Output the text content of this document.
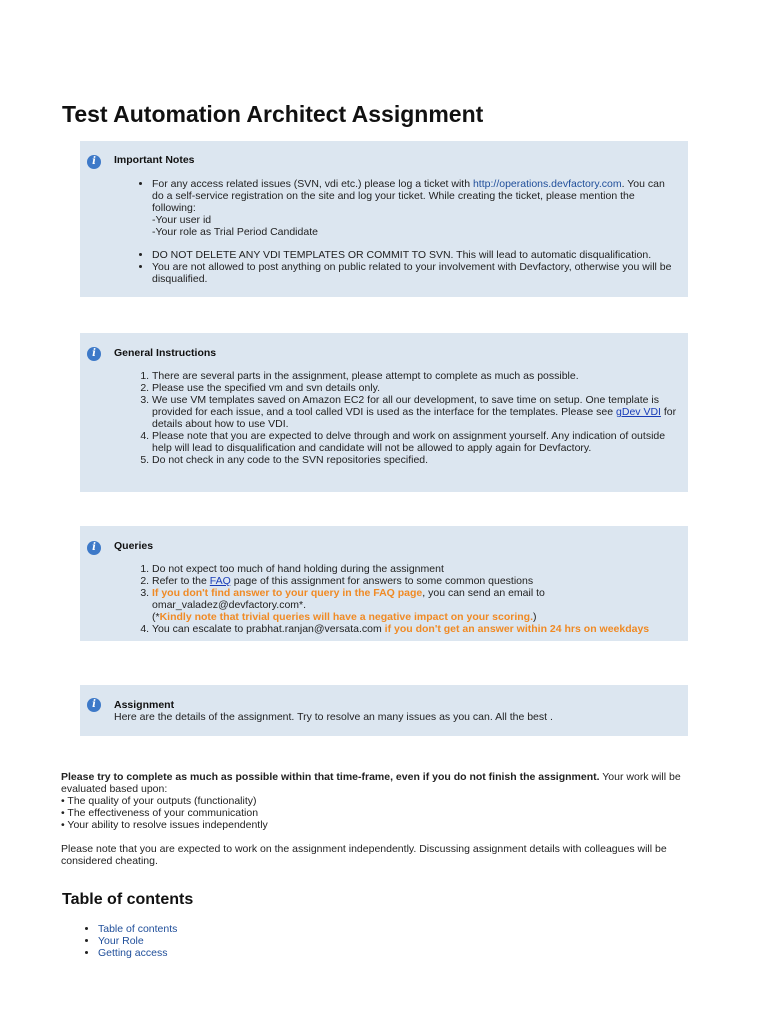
Test Automation Architect Assignment
i	Important Notes
• For any access related issues (SVN, vdi etc.) please log a ticket with http://operations.devfactory.com. You can do a self-service registration on the site and log your ticket. While creating the ticket, please mention the following:
-Your user id
-Your role as Trial Period Candidate
• DO NOT DELETE ANY VDI TEMPLATES OR COMMIT TO SVN. This will lead to automatic disqualification.
• You are not allowed to post anything on public related to your involvement with Devfactory, otherwise you will be disqualified.
i	General Instructions
1. There are several parts in the assignment, please attempt to complete as much as possible.
2. Please use the specified vm and svn details only.
3. We use VM templates saved on Amazon EC2 for all our development, to save time on setup. One template is provided for each issue, and a tool called VDI is used as the interface for the templates. Please see gDev VDI for details about how to use VDI.
4. Please note that you are expected to delve through and work on assignment yourself. Any indication of outside help will lead to disqualification and candidate will not be allowed to apply again for Devfactory.
5. Do not check in any code to the SVN repositories specified.
i	Queries
1. Do not expect too much of hand holding during the assignment
2. Refer to the FAQ page of this assignment for answers to some common questions
3. If you don't find answer to your query in the FAQ page, you can send an email to omar_valadez@devfactory.com*.
(*Kindly note that trivial queries will have a negative impact on your scoring.)
4. You can escalate to prabhat.ranjan@versata.com if you don't get an answer within 24 hrs on weekdays
i	Assignment
Here are the details of the assignment. Try to resolve an many issues as you can. All the best .
Please try to complete as much as possible within that time-frame, even if you do not finish the assignment. Your work will be evaluated based upon:
• The quality of your outputs (functionality)
• The effectiveness of your communication
• Your ability to resolve issues independently
Please note that you are expected to work on the assignment independently. Discussing assignment details with colleagues will be considered cheating.
Table of contents
• Table of contents
• Your Role
• Getting access
